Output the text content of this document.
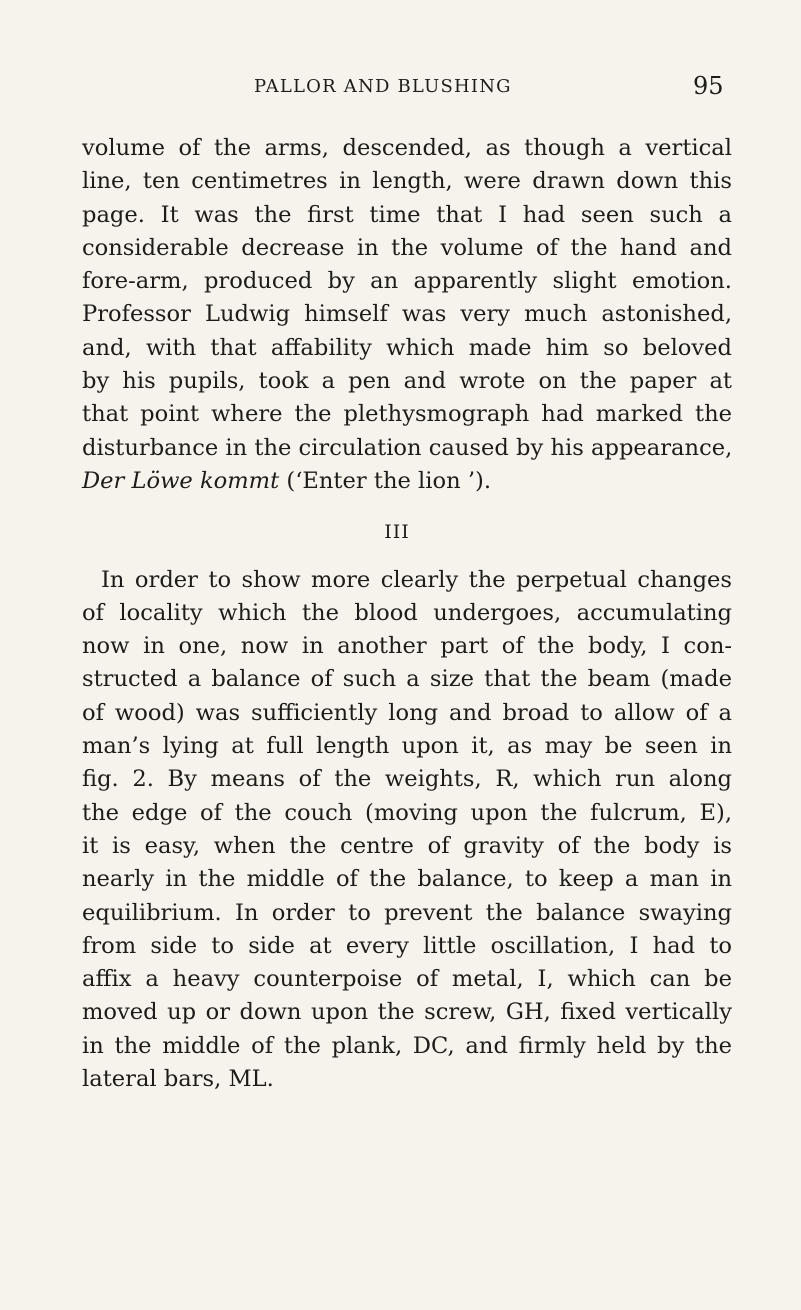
PALLOR AND BLUSHING	95
volume of the arms, descended, as though a vertical
line, ten centimetres in length, were drawn down this
page. It was the first time that I had seen such a
considerable decrease in the volume of the hand and
fore-arm, produced by an apparently slight emotion.
Professor Ludwig himself was very much astonished,
and, with that affability which made him so beloved
by his pupils, took a pen and wrote on the paper at
that point where the plethysmograph had marked the
disturbance in the circulation caused by his appearance,
Der Löwe kommt (‘Enter the lion ’).
III
In order to show more clearly the perpetual changes
of locality which the blood undergoes, accumulating
now in one, now in another part of the body, I con-
structed a balance of such a size that the beam (made
of wood) was sufficiently long and broad to allow of a
man’s lying at full length upon it, as may be seen in
fig. 2. By means of the weights, R, which run along
the edge of the couch (moving upon the fulcrum, E),
it is easy, when the centre of gravity of the body is
nearly in the middle of the balance, to keep a man in
equilibrium. In order to prevent the balance swaying
from side to side at every little oscillation, I had to
affix a heavy counterpoise of metal, I, which can be
moved up or down upon the screw, GH, fixed vertically
in the middle of the plank, DC, and firmly held by the
lateral bars, ML.
